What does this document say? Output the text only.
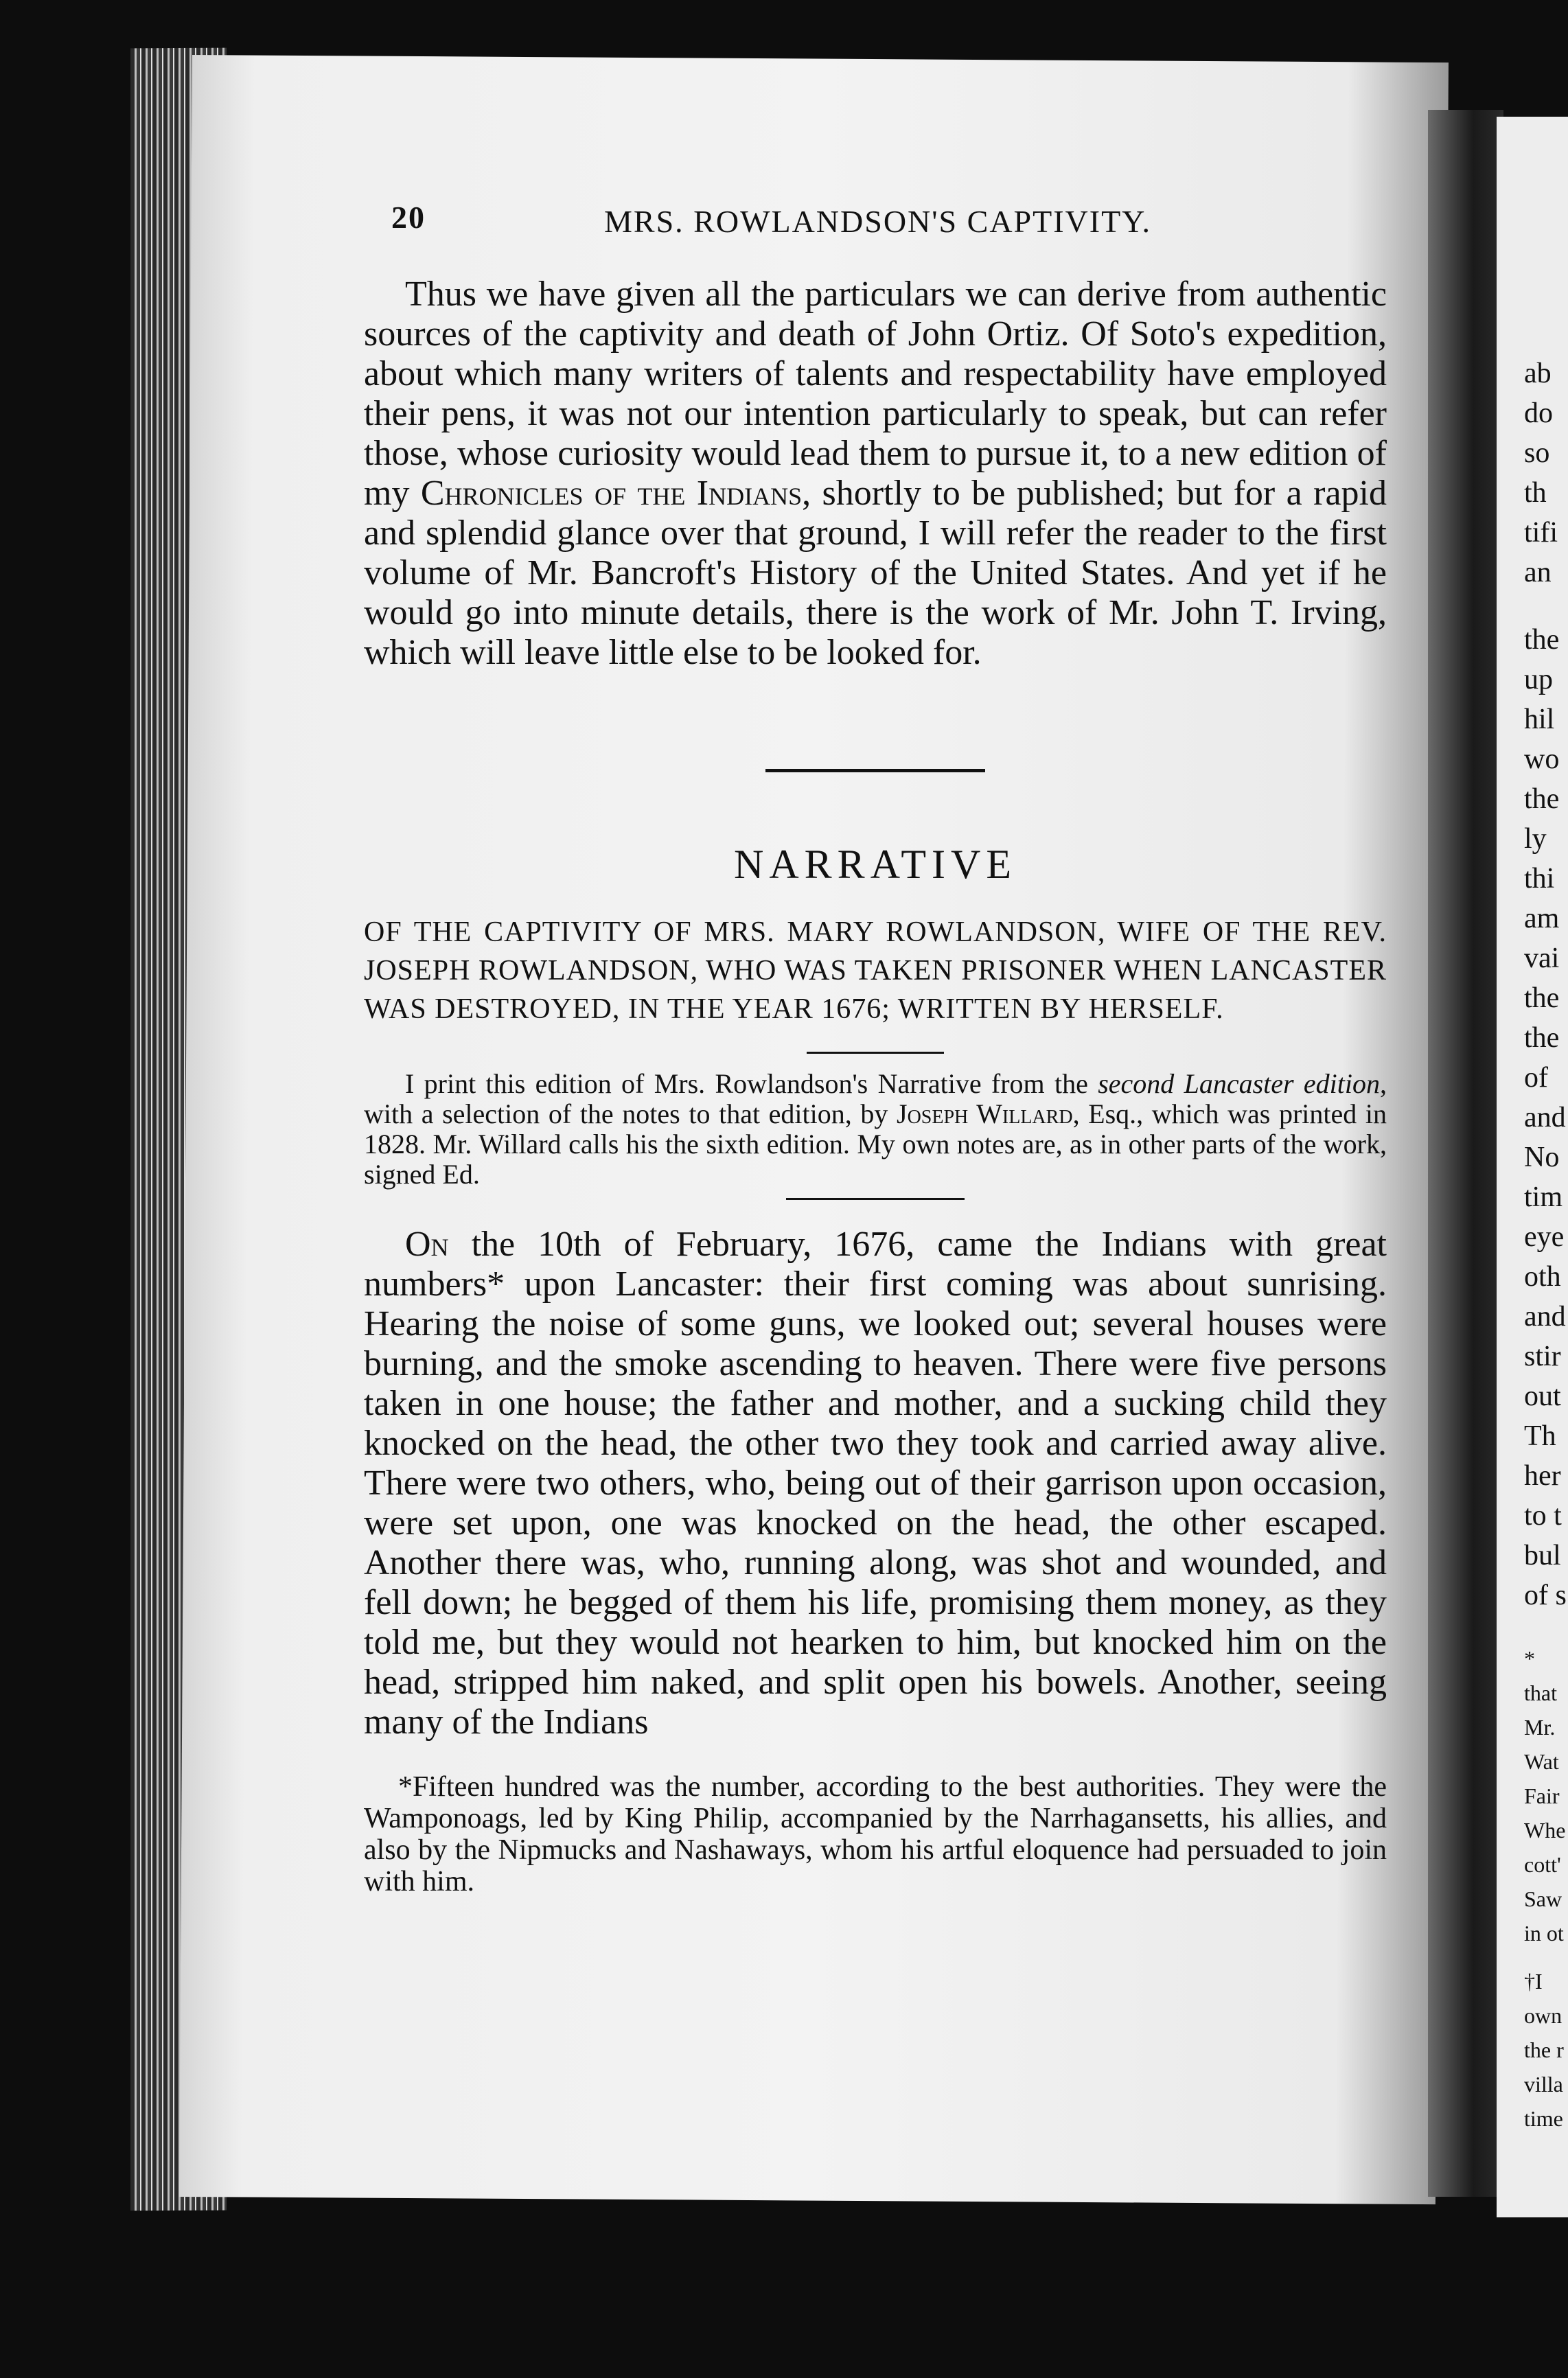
ab
do
so
th
tifi
an
the
up
hil
wo
the
ly
thi
am
vai
the
the
of
and
No
tim
eye
oth
and
stir
out
Th
her
to t
bul
of s
*
that
Mr.
Wat
Fair
Whe
cott'
Saw
in ot
†I
own
the r
villa
time
20	MRS. ROWLANDSON'S CAPTIVITY.

Thus we have given all the particulars we can derive from authentic sources of the captivity and death of John Ortiz. Of Soto's expedition, about which many writers of talents and respectability have employed their pens, it was not our intention particularly to speak, but can refer those, whose curiosity would lead them to pursue it, to a new edition of my Chronicles of the Indians, shortly to be published; but for a rapid and splendid glance over that ground, I will refer the reader to the first volume of Mr. Bancroft's History of the United States. And yet if he would go into minute details, there is the work of Mr. John T. Irving, which will leave little else to be looked for.

NARRATIVE
OF THE CAPTIVITY OF MRS. MARY ROWLANDSON, WIFE OF THE REV. JOSEPH ROWLANDSON, WHO WAS TAKEN PRISONER WHEN LANCASTER WAS DESTROYED, IN THE YEAR 1676; WRITTEN BY HERSELF.

I print this edition of Mrs. Rowlandson's Narrative from the second Lancaster edition, with a selection of the notes to that edition, by Joseph Willard, Esq., which was printed in 1828. Mr. Willard calls his the sixth edition. My own notes are, as in other parts of the work, signed Ed.

On the 10th of February, 1676, came the Indians with great numbers* upon Lancaster: their first coming was about sunrising. Hearing the noise of some guns, we looked out; several houses were burning, and the smoke ascending to heaven. There were five persons taken in one house; the father and mother, and a sucking child they knocked on the head, the other two they took and carried away alive. There were two others, who, being out of their garrison upon occasion, were set upon, one was knocked on the head, the other escaped. Another there was, who, running along, was shot and wounded, and fell down; he begged of them his life, promising them money, as they told me, but they would not hearken to him, but knocked him on the head, stripped him naked, and split open his bowels. Another, seeing many of the Indians

*Fifteen hundred was the number, according to the best authorities. They were the Wamponoags, led by King Philip, accompanied by the Narrhagansetts, his allies, and also by the Nipmucks and Nashaways, whom his artful eloquence had persuaded to join with him.
